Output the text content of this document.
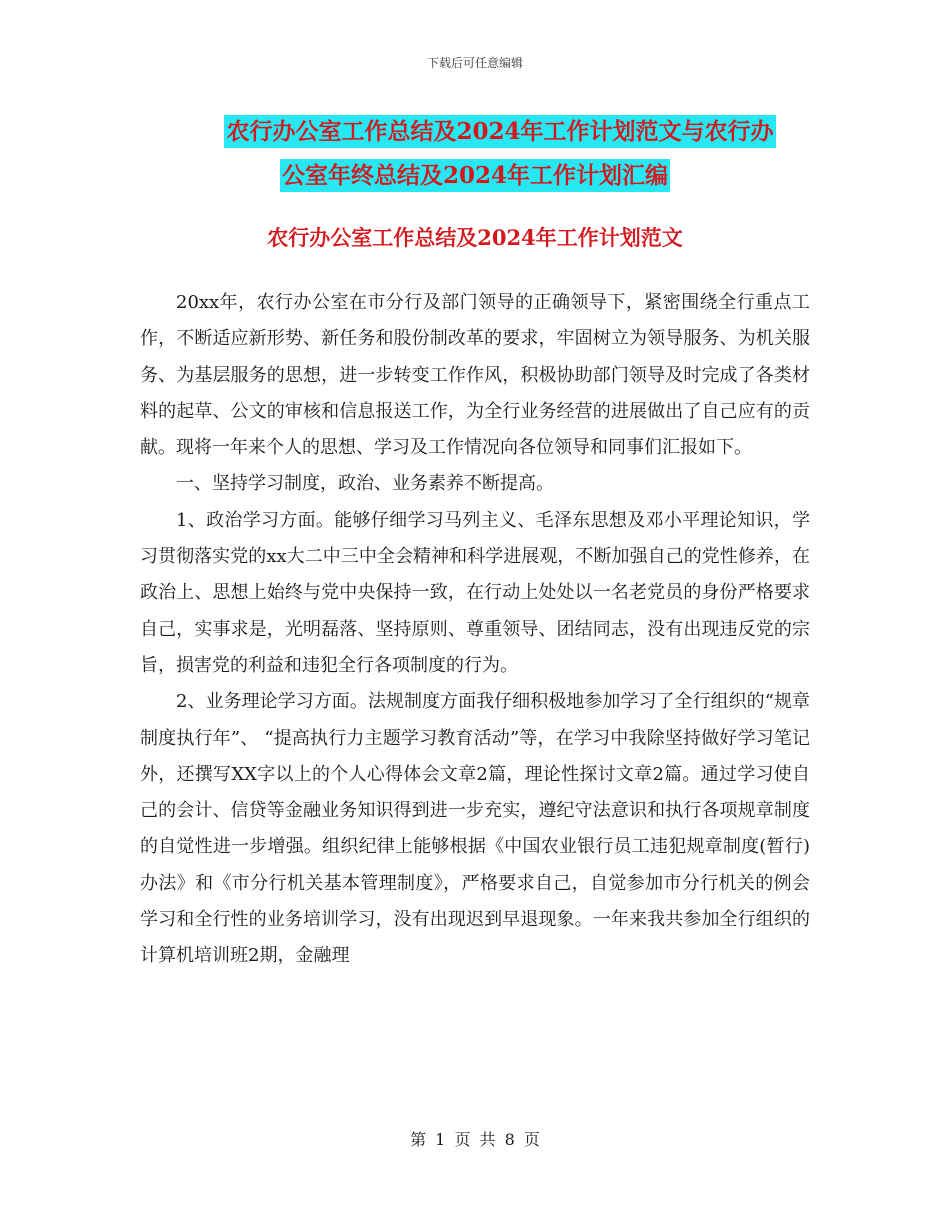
下载后可任意编辑
农行办公室工作总结及2024年工作计划范文与农行办
公室年终总结及2024年工作计划汇编
农行办公室工作总结及2024年工作计划范文

20xx年，农行办公室在市分行及部门领导的正确领导下，紧密围绕全行重点工作，不断适应新形势、新任务和股份制改革的要求，牢固树立为领导服务、为机关服务、为基层服务的思想，进一步转变工作作风，积极协助部门领导及时完成了各类材料的起草、公文的审核和信息报送工作，为全行业务经营的进展做出了自己应有的贡献。现将一年来个人的思想、学习及工作情况向各位领导和同事们汇报如下。

一、坚持学习制度，政治、业务素养不断提高。

1、政治学习方面。能够仔细学习马列主义、毛泽东思想及邓小平理论知识，学习贯彻落实党的xx大二中三中全会精神和科学进展观，不断加强自己的党性修养，在政治上、思想上始终与党中央保持一致，在行动上处处以一名老党员的身份严格要求自己，实事求是，光明磊落、坚持原则、尊重领导、团结同志，没有出现违反党的宗旨，损害党的利益和违犯全行各项制度的行为。

2、业务理论学习方面。法规制度方面我仔细积极地参加学习了全行组织的“规章制度执行年”、 “提高执行力主题学习教育活动”等，在学习中我除坚持做好学习笔记外，还撰写XX字以上的个人心得体会文章2篇，理论性探讨文章2篇。通过学习使自己的会计、信贷等金融业务知识得到进一步充实，遵纪守法意识和执行各项规章制度的自觉性进一步增强。组织纪律上能够根据《中国农业银行员工违犯规章制度(暂行)办法》和《市分行机关基本管理制度》，严格要求自己，自觉参加市分行机关的例会学习和全行性的业务培训学习，没有出现迟到早退现象。一年来我共参加全行组织的计算机培训班2期，金融理

第 1 页 共 8 页
